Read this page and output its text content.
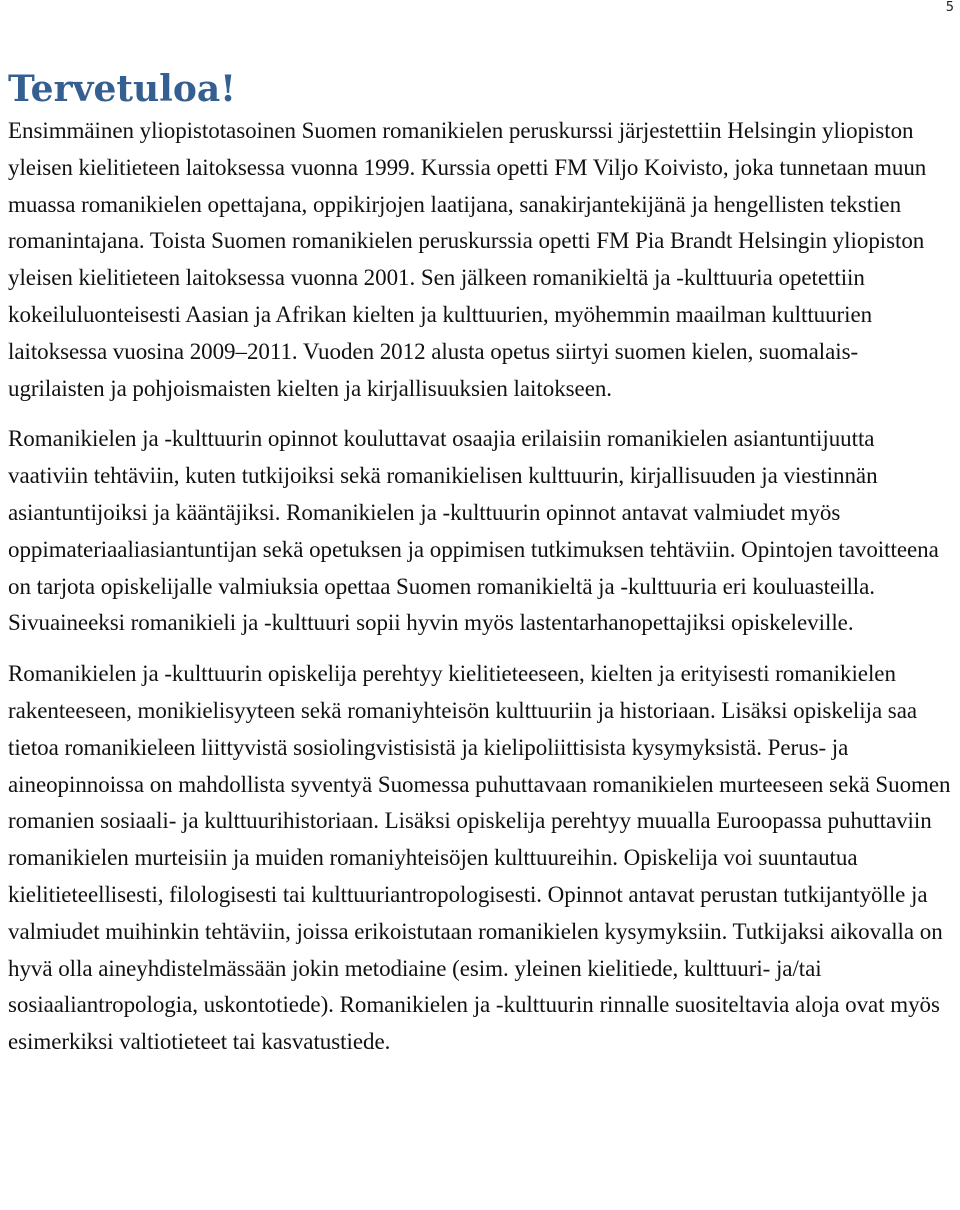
5
Tervetuloa!

Ensimmäinen yliopistotasoinen Suomen romanikielen peruskurssi järjestettiin Helsingin yliopiston yleisen kielitieteen laitoksessa vuonna 1999. Kurssia opetti FM Viljo Koivisto, joka tunnetaan muun muassa romanikielen opettajana, oppikirjojen laatijana, sanakirjantekijänä ja hengellisten tekstien romanintajana. Toista Suomen romanikielen peruskurssia opetti FM Pia Brandt Helsingin yliopiston yleisen kielitieteen laitoksessa vuonna 2001. Sen jälkeen romanikieltä ja -kulttuuria opetettiin kokeiluluonteisesti Aasian ja Afrikan kielten ja kulttuurien, myöhemmin maailman kulttuurien laitoksessa vuosina 2009–2011. Vuoden 2012 alusta opetus siirtyi suomen kielen, suomalais-ugrilaisten ja pohjoismaisten kielten ja kirjallisuuksien laitokseen.

Romanikielen ja -kulttuurin opinnot kouluttavat osaajia erilaisiin romanikielen asiantuntijuutta vaativiin tehtäviin, kuten tutkijoiksi sekä romanikielisen kulttuurin, kirjallisuuden ja viestinnän asiantuntijoiksi ja kääntäjiksi. Romanikielen ja -kulttuurin opinnot antavat valmiudet myös oppimateriaaliasiantuntijan sekä opetuksen ja oppimisen tutkimuksen tehtäviin. Opintojen tavoitteena on tarjota opiskelijalle valmiuksia opettaa Suomen romanikieltä ja -kulttuuria eri kouluasteilla. Sivuaineeksi romanikieli ja -kulttuuri sopii hyvin myös lastentarhanopettajiksi opiskeleville.

Romanikielen ja -kulttuurin opiskelija perehtyy kielitieteeseen, kielten ja erityisesti romanikielen rakenteeseen, monikielisyyteen sekä romaniyhteisön kulttuuriin ja historiaan. Lisäksi opiskelija saa tietoa romanikieleen liittyvistä sosiolingvistisistä ja kielipoliittisista kysymyksistä. Perus- ja aineopinnoissa on mahdollista syventyä Suomessa puhuttavaan romanikielen murteeseen sekä Suomen romanien sosiaali- ja kulttuurihistoriaan. Lisäksi opiskelija perehtyy muualla Euroopassa puhuttaviin romanikielen murteisiin ja muiden romaniyhteisöjen kulttuureihin. Opiskelija voi suuntautua kielitieteellisesti, filologisesti tai kulttuuriantropologisesti. Opinnot antavat perustan tutkijantyölle ja valmiudet muihinkin tehtäviin, joissa erikoistutaan romanikielen kysymyksiin. Tutkijaksi aikovalla on hyvä olla aineyhdistelmässään jokin metodiaine (esim. yleinen kielitiede, kulttuuri- ja/tai sosiaaliantropologia, uskontotiede). Romanikielen ja -kulttuurin rinnalle suositeltavia aloja ovat myös esimerkiksi valtiotieteet tai kasvatustiede.
